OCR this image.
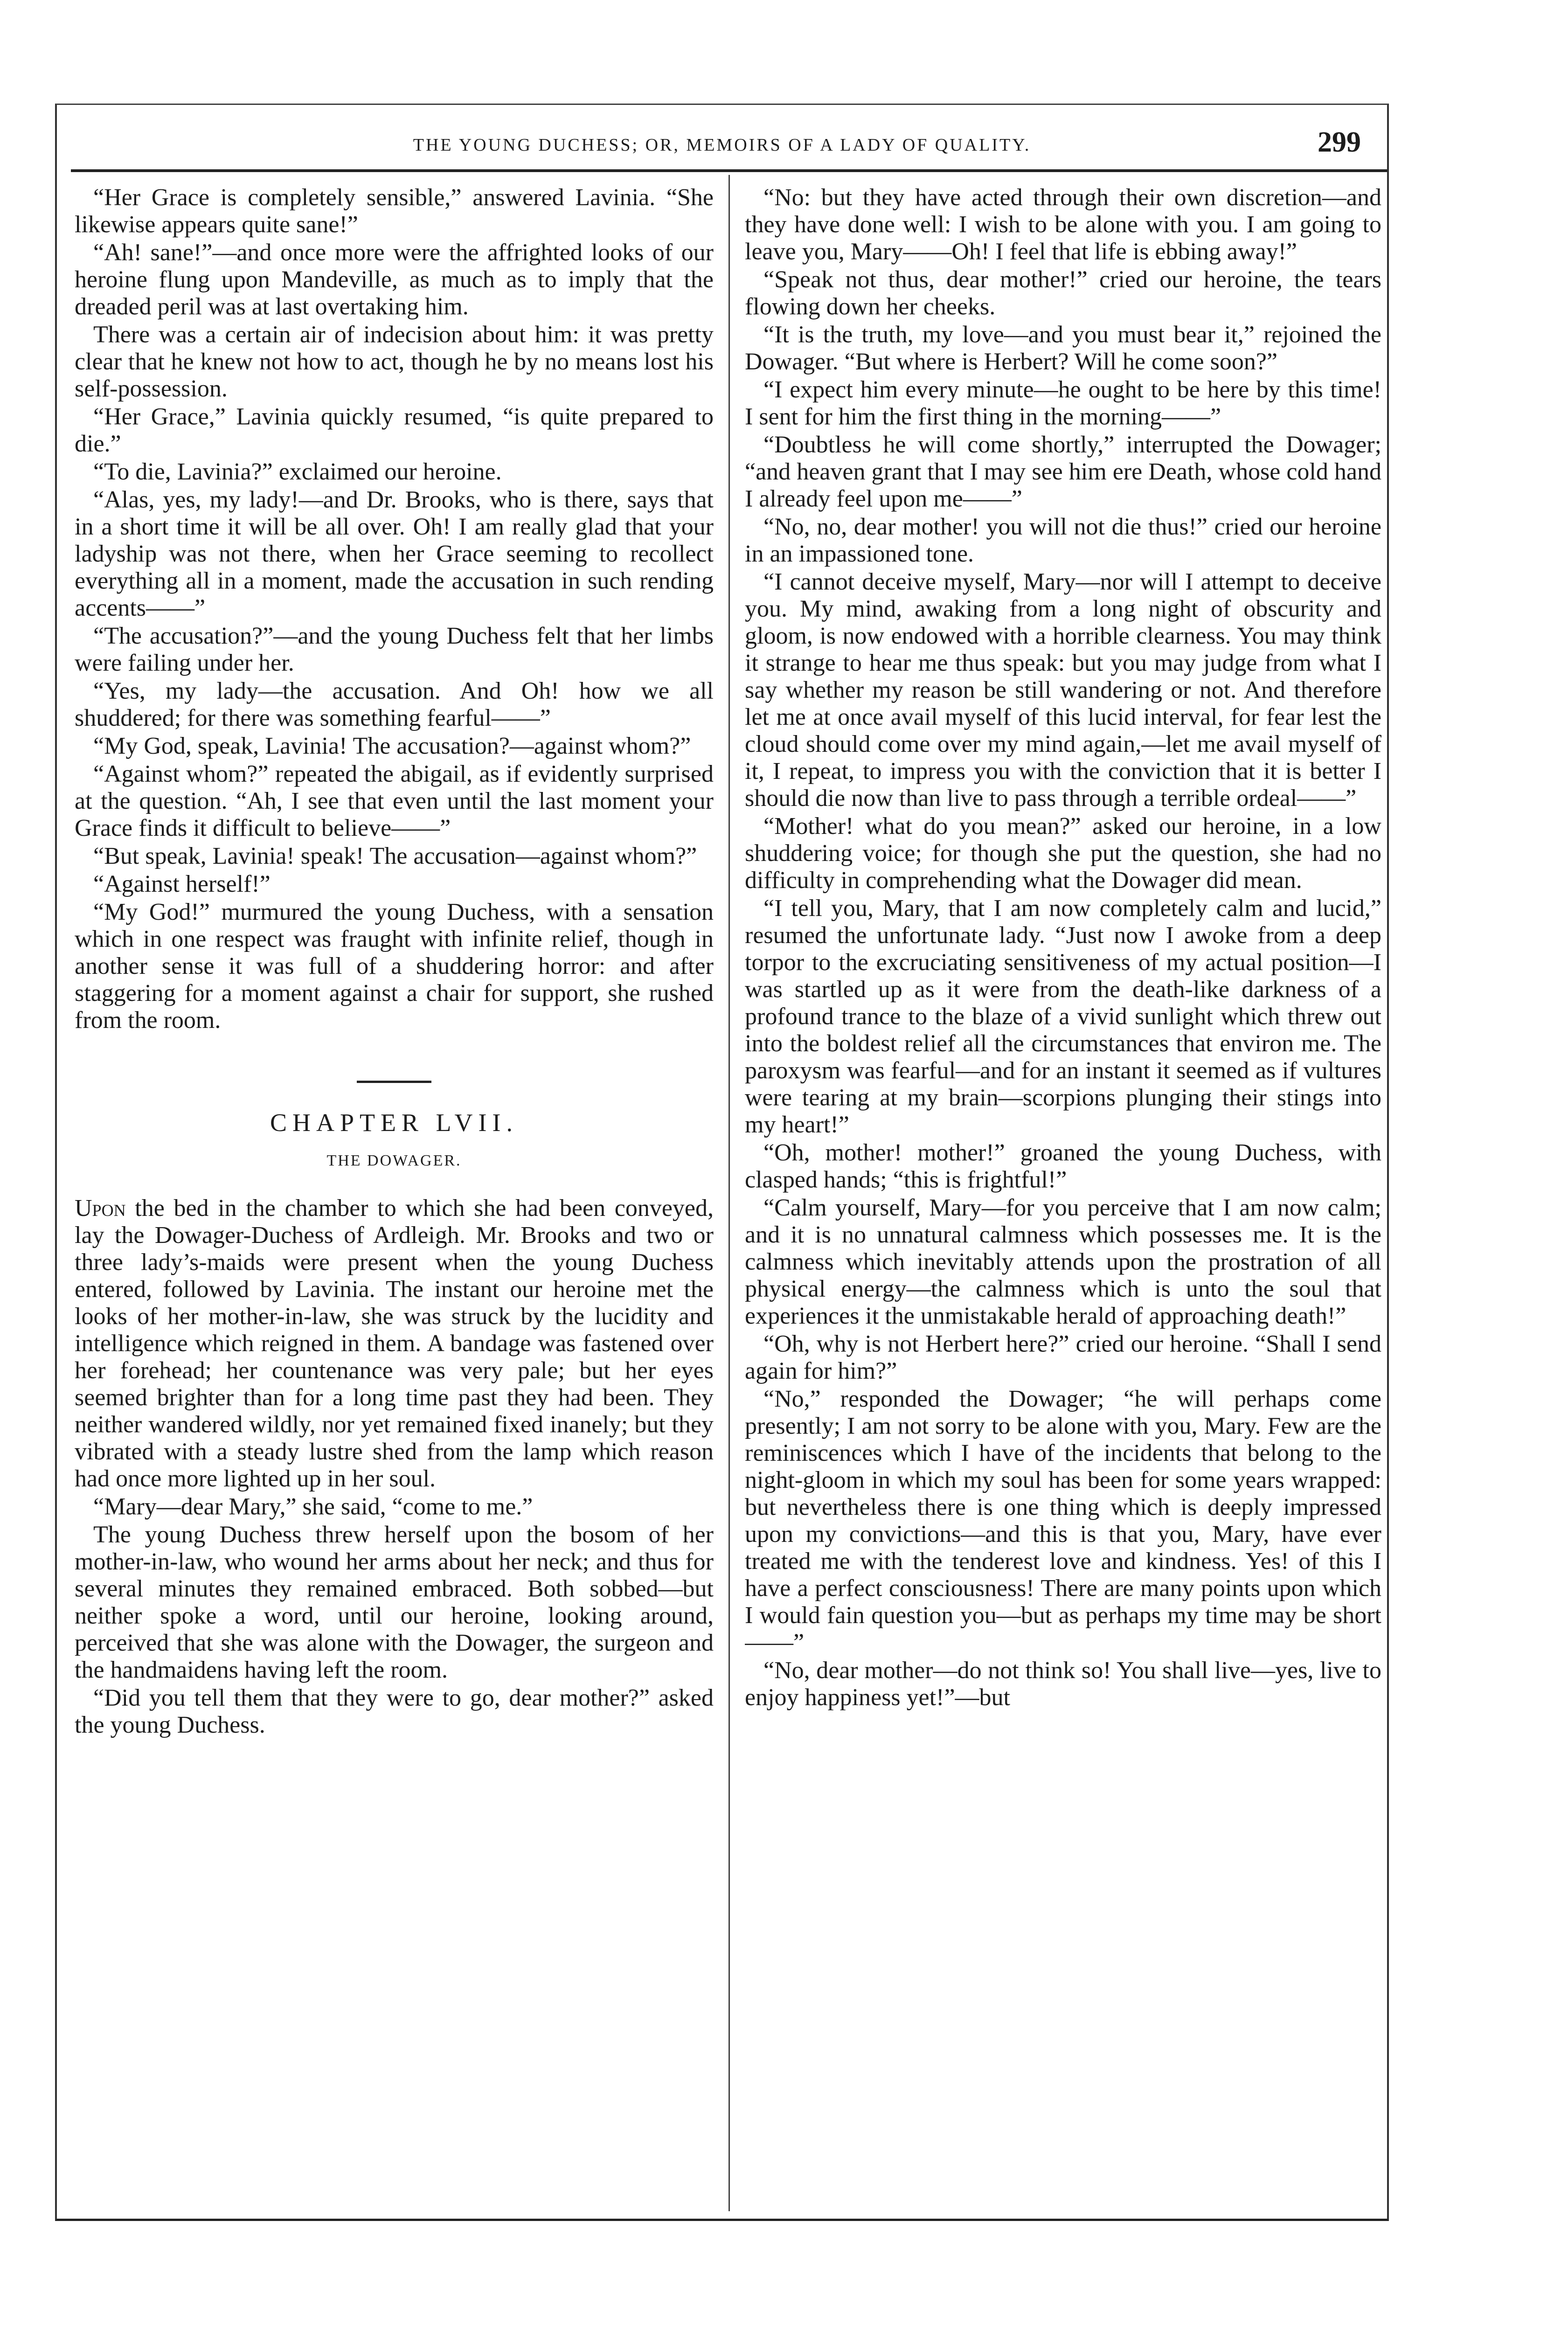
THE YOUNG DUCHESS; OR, MEMOIRS OF A LADY OF QUALITY.	299

“Her Grace is completely sensible,” answered Lavinia. “She likewise appears quite sane!”

“Ah! sane!”—and once more were the affrighted looks of our heroine flung upon Mandeville, as much as to imply that the dreaded peril was at last overtaking him.

There was a certain air of indecision about him: it was pretty clear that he knew not how to act, though he by no means lost his self-possession.

“Her Grace,” Lavinia quickly resumed, “is quite prepared to die.”

“To die, Lavinia?” exclaimed our heroine.

“Alas, yes, my lady!—and Dr. Brooks, who is there, says that in a short time it will be all over. Oh! I am really glad that your ladyship was not there, when her Grace seeming to recollect everything all in a moment, made the accusation in such rending accents——”

“The accusation?”—and the young Duchess felt that her limbs were failing under her.

“Yes, my lady—the accusation. And Oh! how we all shuddered; for there was something fearful——”

“My God, speak, Lavinia! The accusation?—against whom?”

“Against whom?” repeated the abigail, as if evidently surprised at the question. “Ah, I see that even until the last moment your Grace finds it difficult to believe——”

“But speak, Lavinia! speak! The accusation—against whom?”

“Against herself!”

“My God!” murmured the young Duchess, with a sensation which in one respect was fraught with infinite relief, though in another sense it was full of a shuddering horror: and after staggering for a moment against a chair for support, she rushed from the room.

CHAPTER LVII.

THE DOWAGER.

Upon the bed in the chamber to which she had been conveyed, lay the Dowager-Duchess of Ardleigh. Mr. Brooks and two or three lady’s-maids were present when the young Duchess entered, followed by Lavinia. The instant our heroine met the looks of her mother-in-law, she was struck by the lucidity and intelligence which reigned in them. A bandage was fastened over her forehead; her countenance was very pale; but her eyes seemed brighter than for a long time past they had been. They neither wandered wildly, nor yet remained fixed inanely; but they vibrated with a steady lustre shed from the lamp which reason had once more lighted up in her soul.

“Mary—dear Mary,” she said, “come to me.”

The young Duchess threw herself upon the bosom of her mother-in-law, who wound her arms about her neck; and thus for several minutes they remained embraced. Both sobbed—but neither spoke a word, until our heroine, looking around, perceived that she was alone with the Dowager, the surgeon and the handmaidens having left the room.

“Did you tell them that they were to go, dear mother?” asked the young Duchess.

“No: but they have acted through their own discretion—and they have done well: I wish to be alone with you. I am going to leave you, Mary——Oh! I feel that life is ebbing away!”

“Speak not thus, dear mother!” cried our heroine, the tears flowing down her cheeks.

“It is the truth, my love—and you must bear it,” rejoined the Dowager. “But where is Herbert? Will he come soon?”

“I expect him every minute—he ought to be here by this time! I sent for him the first thing in the morning——”

“Doubtless he will come shortly,” interrupted the Dowager; “and heaven grant that I may see him ere Death, whose cold hand I already feel upon me——”

“No, no, dear mother! you will not die thus!” cried our heroine in an impassioned tone.

“I cannot deceive myself, Mary—nor will I attempt to deceive you. My mind, awaking from a long night of obscurity and gloom, is now endowed with a horrible clearness. You may think it strange to hear me thus speak: but you may judge from what I say whether my reason be still wandering or not. And therefore let me at once avail myself of this lucid interval, for fear lest the cloud should come over my mind again,—let me avail myself of it, I repeat, to impress you with the conviction that it is better I should die now than live to pass through a terrible ordeal——”

“Mother! what do you mean?” asked our heroine, in a low shuddering voice; for though she put the question, she had no difficulty in comprehending what the Dowager did mean.

“I tell you, Mary, that I am now completely calm and lucid,” resumed the unfortunate lady. “Just now I awoke from a deep torpor to the excruciating sensitiveness of my actual position—I was startled up as it were from the death-like darkness of a profound trance to the blaze of a vivid sunlight which threw out into the boldest relief all the circumstances that environ me. The paroxysm was fearful—and for an instant it seemed as if vultures were tearing at my brain—scorpions plunging their stings into my heart!”

“Oh, mother! mother!” groaned the young Duchess, with clasped hands; “this is frightful!”

“Calm yourself, Mary—for you perceive that I am now calm; and it is no unnatural calmness which possesses me. It is the calmness which inevitably attends upon the prostration of all physical energy—the calmness which is unto the soul that experiences it the unmistakable herald of approaching death!”

“Oh, why is not Herbert here?” cried our heroine. “Shall I send again for him?”

“No,” responded the Dowager; “he will perhaps come presently; I am not sorry to be alone with you, Mary. Few are the reminiscences which I have of the incidents that belong to the night-gloom in which my soul has been for some years wrapped: but nevertheless there is one thing which is deeply impressed upon my convictions—and this is that you, Mary, have ever treated me with the tenderest love and kindness. Yes! of this I have a perfect consciousness! There are many points upon which I would fain question you—but as perhaps my time may be short——”

“No, dear mother—do not think so! You shall live—yes, live to enjoy happiness yet!”—but
